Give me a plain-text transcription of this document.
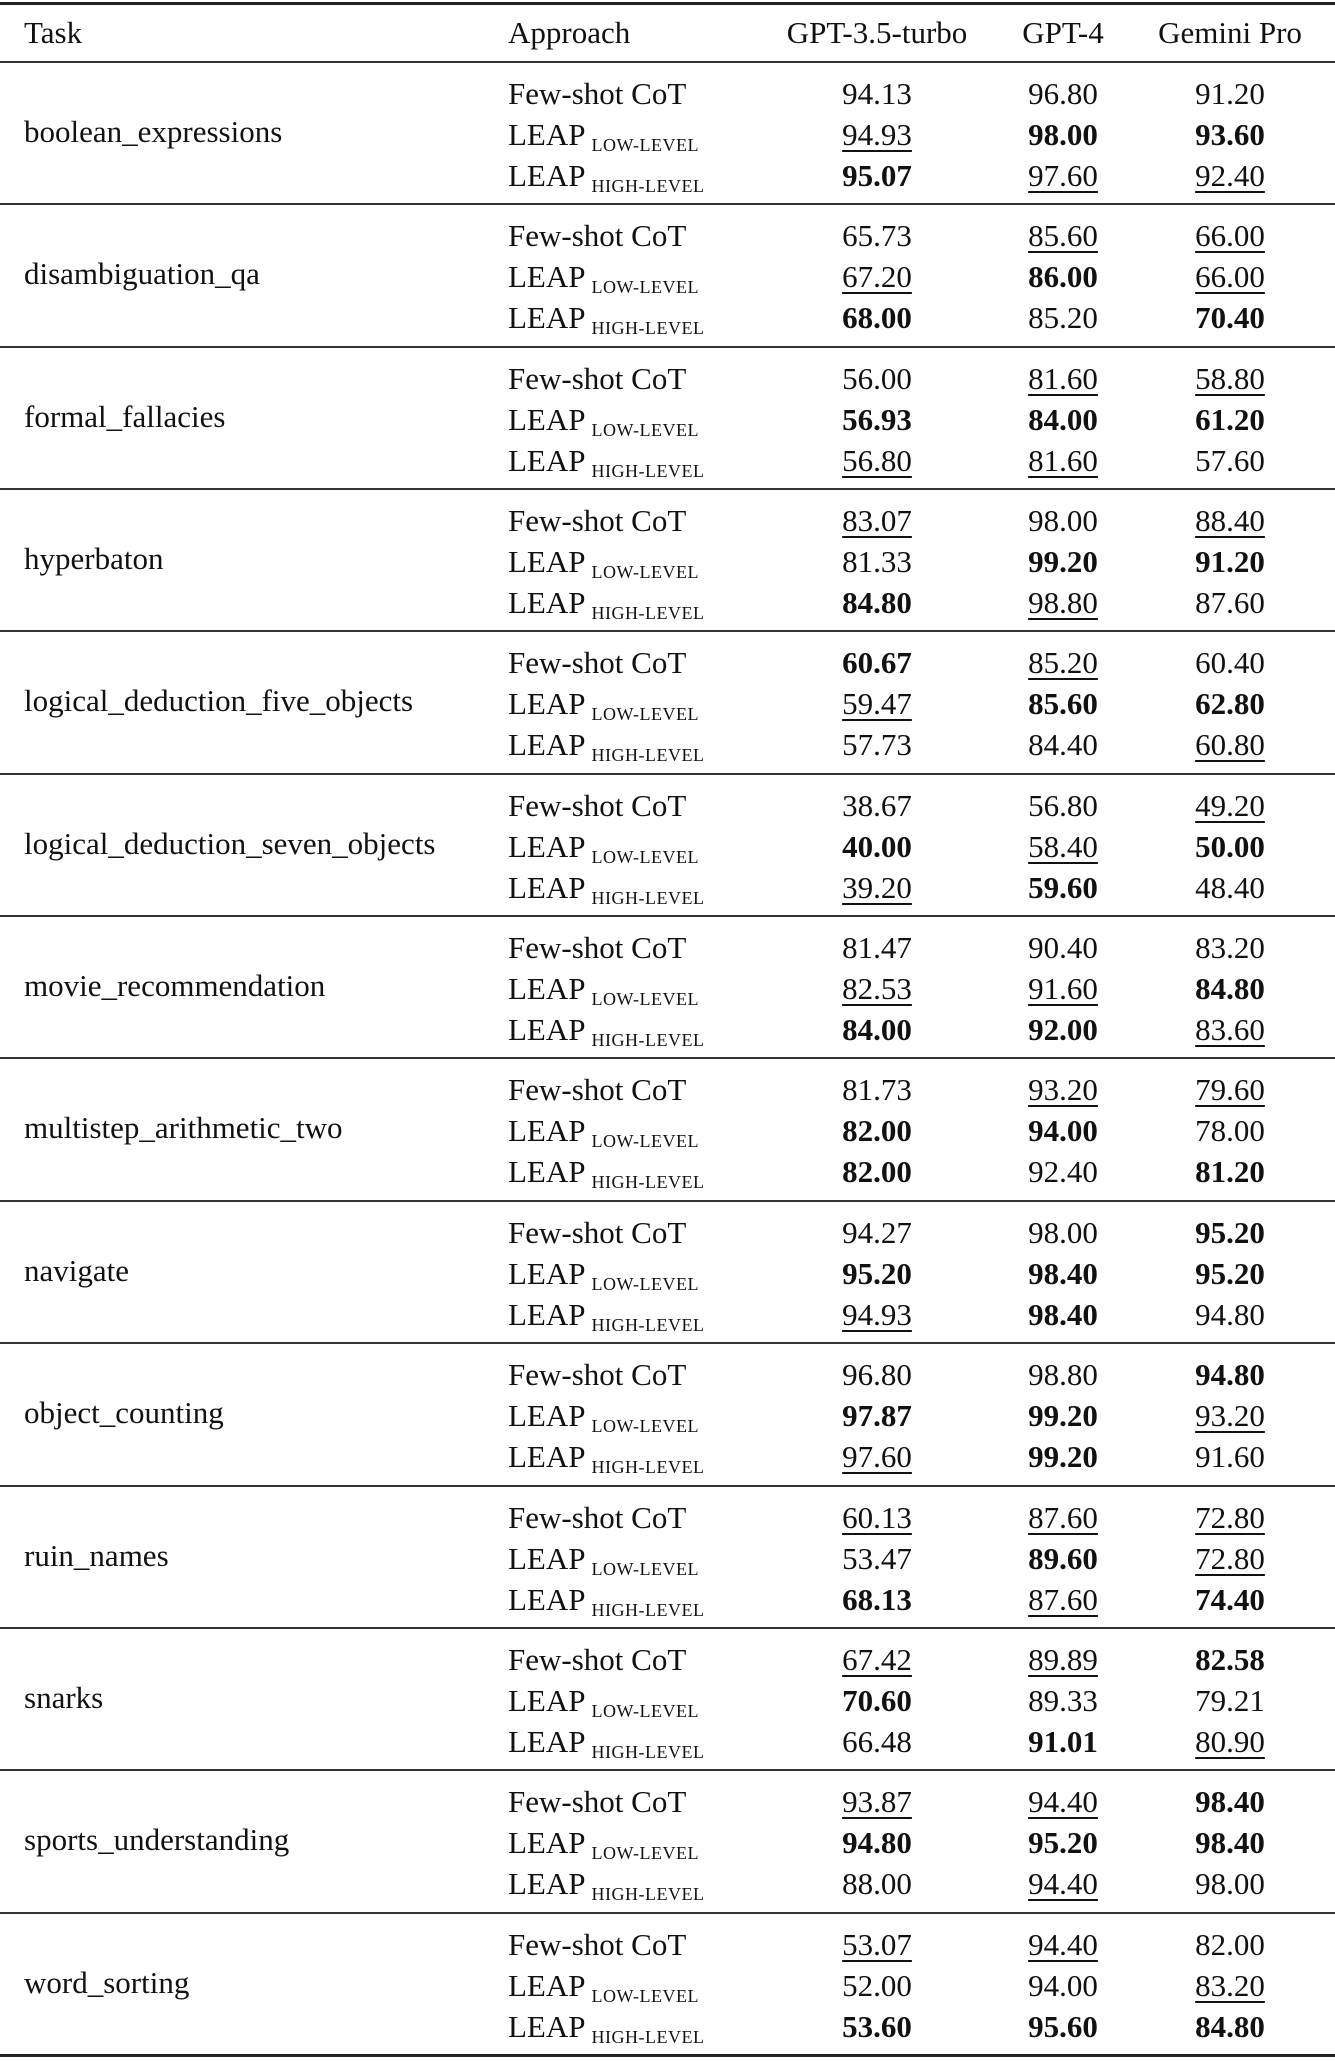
Task	Approach	GPT-3.5-turbo	GPT-4	Gemini Pro
boolean_expressions
Few-shot CoT	94.13	96.80	91.20
LEAP LOW-LEVEL	94.93	98.00	93.60
LEAP HIGH-LEVEL	95.07	97.60	92.40
disambiguation_qa
Few-shot CoT	65.73	85.60	66.00
LEAP LOW-LEVEL	67.20	86.00	66.00
LEAP HIGH-LEVEL	68.00	85.20	70.40
formal_fallacies
Few-shot CoT	56.00	81.60	58.80
LEAP LOW-LEVEL	56.93	84.00	61.20
LEAP HIGH-LEVEL	56.80	81.60	57.60
hyperbaton
Few-shot CoT	83.07	98.00	88.40
LEAP LOW-LEVEL	81.33	99.20	91.20
LEAP HIGH-LEVEL	84.80	98.80	87.60
logical_deduction_five_objects
Few-shot CoT	60.67	85.20	60.40
LEAP LOW-LEVEL	59.47	85.60	62.80
LEAP HIGH-LEVEL	57.73	84.40	60.80
logical_deduction_seven_objects
Few-shot CoT	38.67	56.80	49.20
LEAP LOW-LEVEL	40.00	58.40	50.00
LEAP HIGH-LEVEL	39.20	59.60	48.40
movie_recommendation
Few-shot CoT	81.47	90.40	83.20
LEAP LOW-LEVEL	82.53	91.60	84.80
LEAP HIGH-LEVEL	84.00	92.00	83.60
multistep_arithmetic_two
Few-shot CoT	81.73	93.20	79.60
LEAP LOW-LEVEL	82.00	94.00	78.00
LEAP HIGH-LEVEL	82.00	92.40	81.20
navigate
Few-shot CoT	94.27	98.00	95.20
LEAP LOW-LEVEL	95.20	98.40	95.20
LEAP HIGH-LEVEL	94.93	98.40	94.80
object_counting
Few-shot CoT	96.80	98.80	94.80
LEAP LOW-LEVEL	97.87	99.20	93.20
LEAP HIGH-LEVEL	97.60	99.20	91.60
ruin_names
Few-shot CoT	60.13	87.60	72.80
LEAP LOW-LEVEL	53.47	89.60	72.80
LEAP HIGH-LEVEL	68.13	87.60	74.40
snarks
Few-shot CoT	67.42	89.89	82.58
LEAP LOW-LEVEL	70.60	89.33	79.21
LEAP HIGH-LEVEL	66.48	91.01	80.90
sports_understanding
Few-shot CoT	93.87	94.40	98.40
LEAP LOW-LEVEL	94.80	95.20	98.40
LEAP HIGH-LEVEL	88.00	94.40	98.00
word_sorting
Few-shot CoT	53.07	94.40	82.00
LEAP LOW-LEVEL	52.00	94.00	83.20
LEAP HIGH-LEVEL	53.60	95.60	84.80
